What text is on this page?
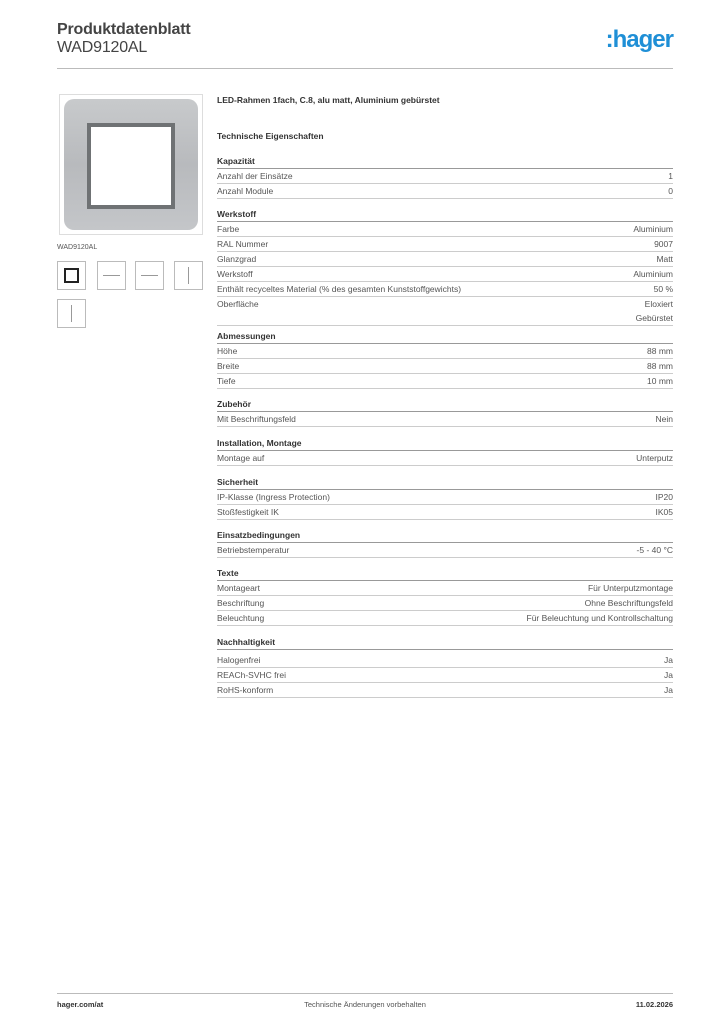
Produktdatenblatt
WAD9120AL	:hager
WAD9120AL
LED-Rahmen 1fach, C.8, alu matt, Aluminium gebürstet
Technische Eigenschaften
Kapazität
Anzahl der Einsätze	1
Anzahl Module	0
Werkstoff
Farbe	Aluminium
RAL Nummer	9007
Glanzgrad	Matt
Werkstoff	Aluminium
Enthält recyceltes Material (% des gesamten Kunststoffgewichts)	50 %
Oberfläche	Eloxiert
Gebürstet
Abmessungen
Höhe	88 mm
Breite	88 mm
Tiefe	10 mm
Zubehör
Mit Beschriftungsfeld	Nein
Installation, Montage
Montage auf	Unterputz
Sicherheit
IP-Klasse (Ingress Protection)	IP20
Stoßfestigkeit IK	IK05
Einsatzbedingungen
Betriebstemperatur	-5 - 40 °C
Texte
Montageart	Für Unterputzmontage
Beschriftung	Ohne Beschriftungsfeld
Beleuchtung	Für Beleuchtung und Kontrollschaltung
Nachhaltigkeit
Halogenfrei	Ja
REACh-SVHC frei	Ja
RoHS-konform	Ja
hager.com/at	Technische Änderungen vorbehalten	11.02.2026
